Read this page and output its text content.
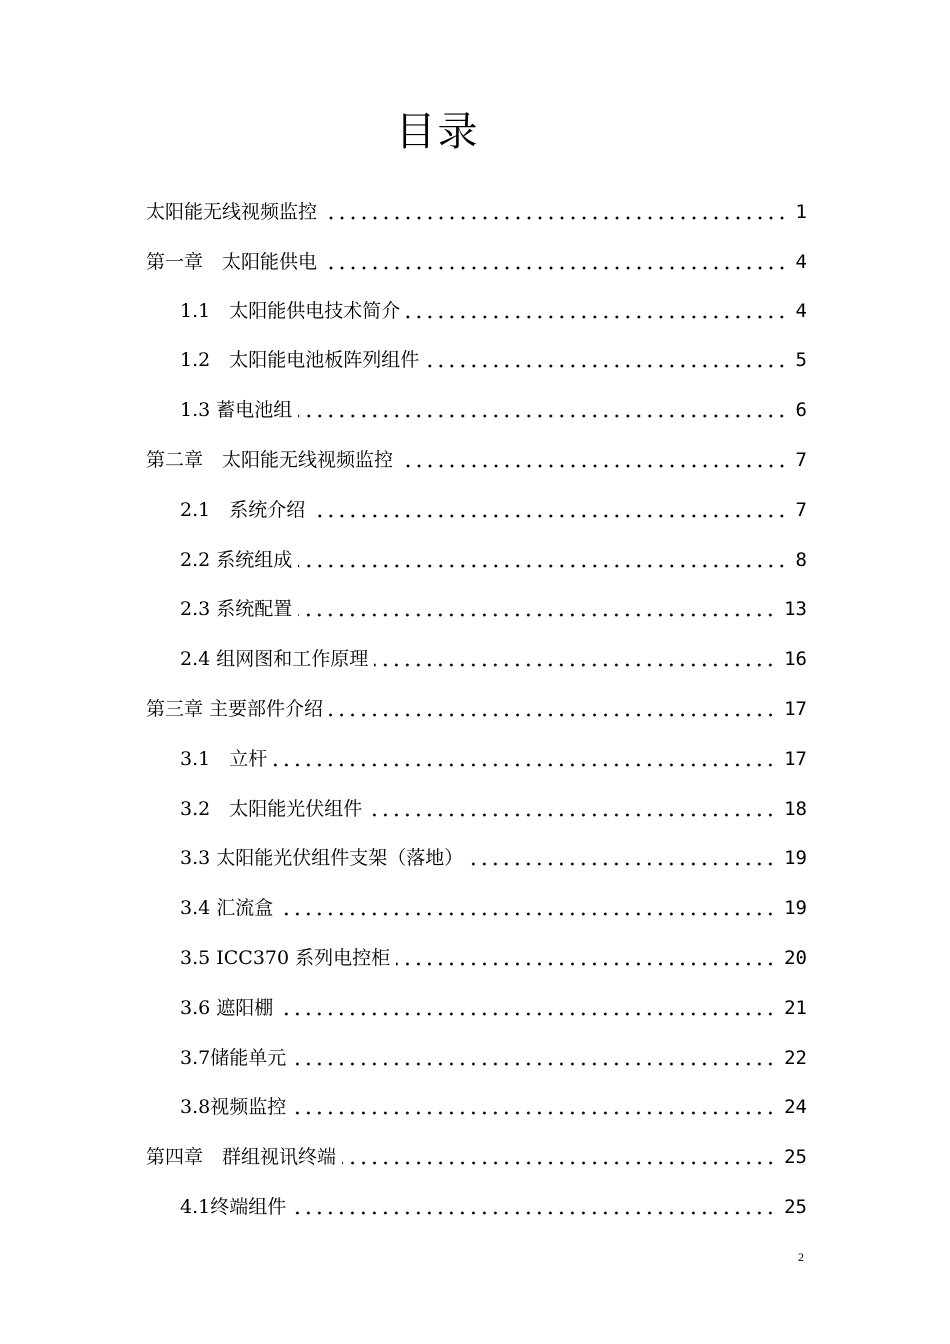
目录
太阳能无线视频监控	1
第一章　太阳能供电	4
1.1　太阳能供电技术简介	4
1.2　太阳能电池板阵列组件	5
1.3 蓄电池组	6
第二章　太阳能无线视频监控	7
2.1　系统介绍	7
2.2 系统组成	8
2.3 系统配置	13
2.4 组网图和工作原理	16
第三章 主要部件介绍	17
3.1　立杆	17
3.2　太阳能光伏组件	18
3.3 太阳能光伏组件支架（落地）	19
3.4 汇流盒	19
3.5 ICC370 系列电控柜	20
3.6 遮阳棚	21
3.7储能单元	22
3.8视频监控	24
第四章　群组视讯终端	25
4.1终端组件	25
2
